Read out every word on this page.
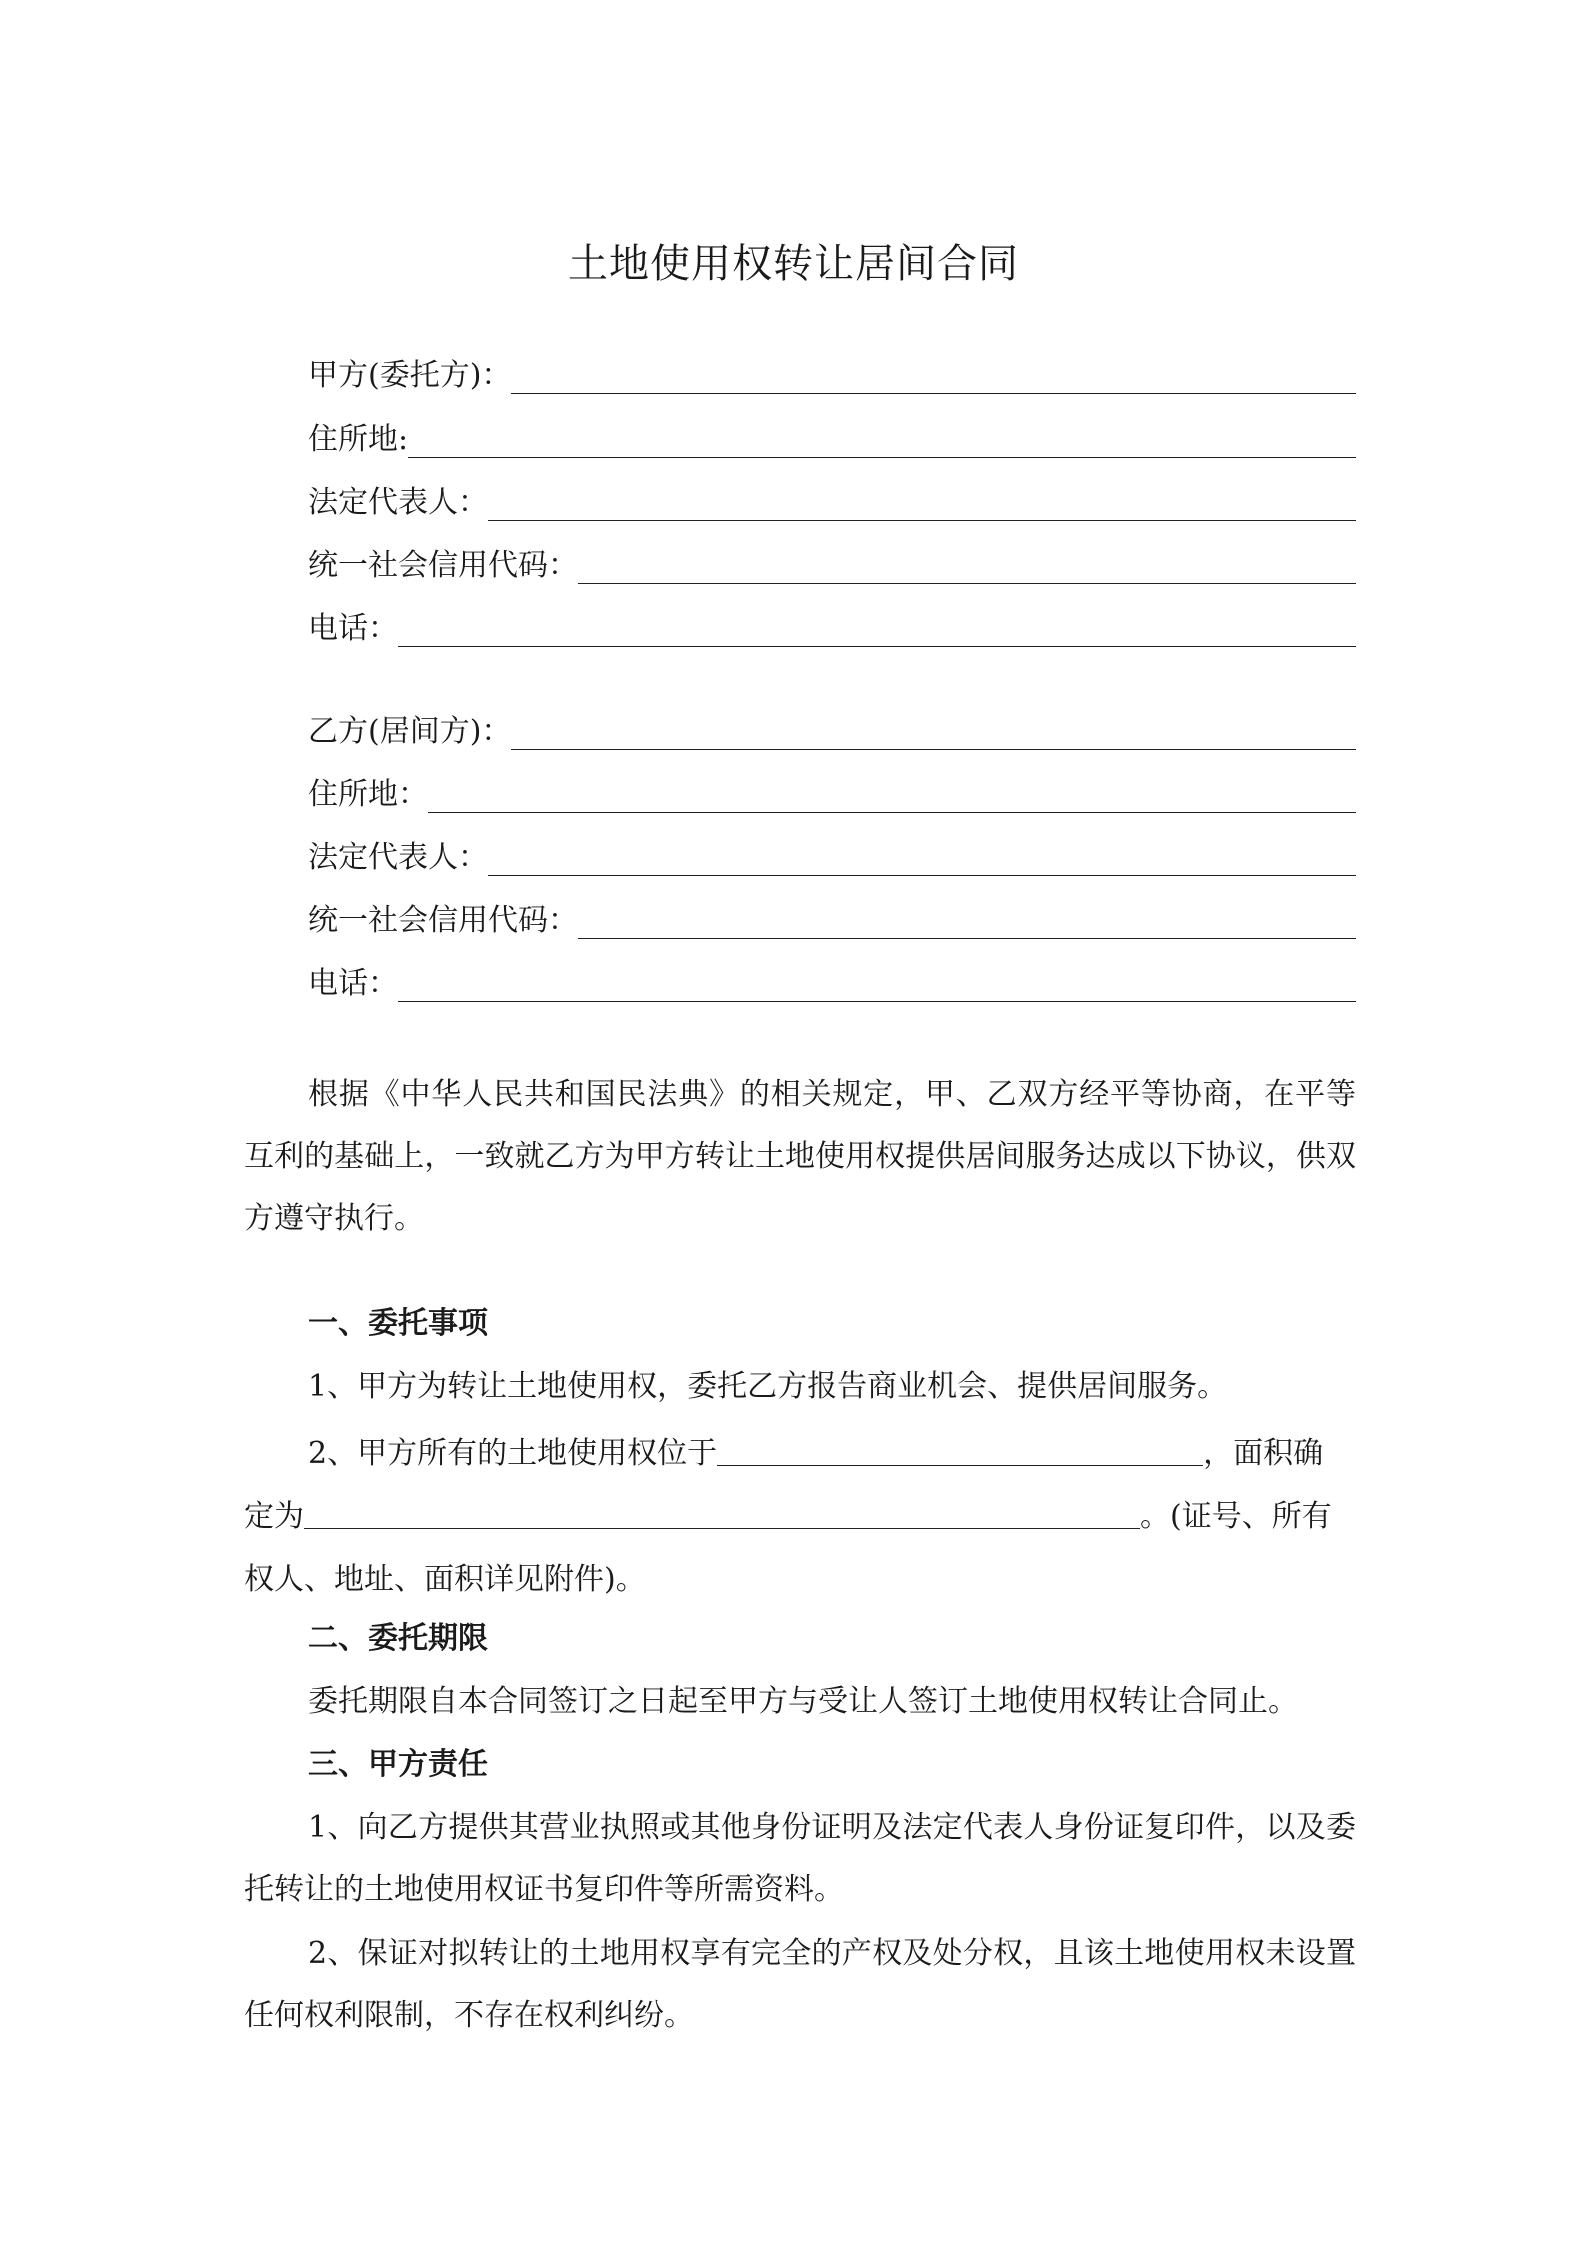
土地使用权转让居间合同
甲方(委托方)：
住所地:
法定代表人：
统一社会信用代码：
电话：
乙方(居间方)：
住所地：
法定代表人：
统一社会信用代码：
电话：
根据《中华人民共和国民法典》的相关规定，甲、乙双方经平等协商，在平等互利的基础上，一致就乙方为甲方转让土地使用权提供居间服务达成以下协议，供双方遵守执行。
一、委托事项
1、甲方为转让土地使用权，委托乙方报告商业机会、提供居间服务。
2、甲方所有的土地使用权位于	，面积确
定为	。(证号、所有
权人、地址、面积详见附件)。
二、委托期限
委托期限自本合同签订之日起至甲方与受让人签订土地使用权转让合同止。
三、甲方责任
1、向乙方提供其营业执照或其他身份证明及法定代表人身份证复印件，以及委托转让的土地使用权证书复印件等所需资料。
2、保证对拟转让的土地用权享有完全的产权及处分权，且该土地使用权未设置任何权利限制，不存在权利纠纷。
